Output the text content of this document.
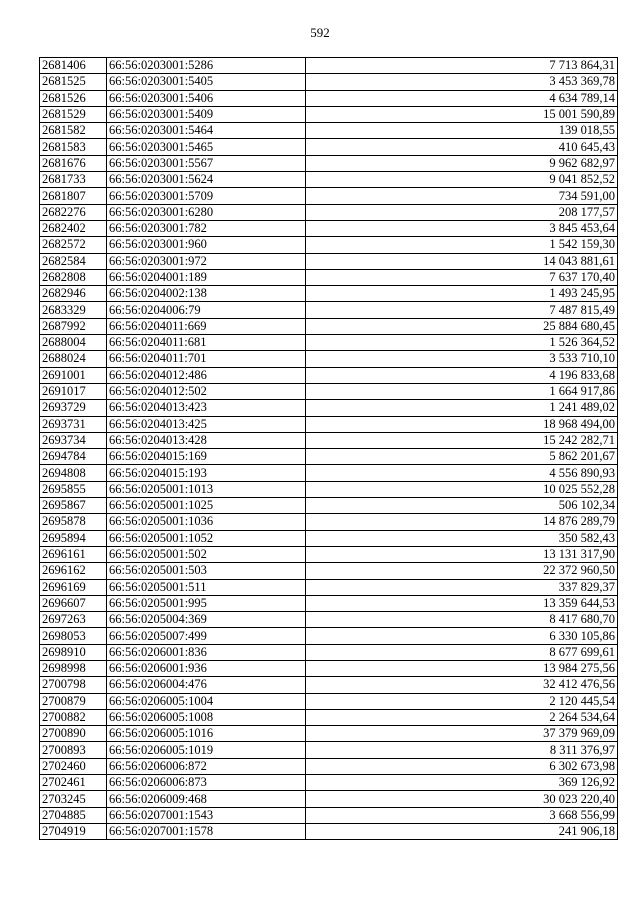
592
2681406	66:56:0203001:5286	7 713 864,31
2681525	66:56:0203001:5405	3 453 369,78
2681526	66:56:0203001:5406	4 634 789,14
2681529	66:56:0203001:5409	15 001 590,89
2681582	66:56:0203001:5464	139 018,55
2681583	66:56:0203001:5465	410 645,43
2681676	66:56:0203001:5567	9 962 682,97
2681733	66:56:0203001:5624	9 041 852,52
2681807	66:56:0203001:5709	734 591,00
2682276	66:56:0203001:6280	208 177,57
2682402	66:56:0203001:782	3 845 453,64
2682572	66:56:0203001:960	1 542 159,30
2682584	66:56:0203001:972	14 043 881,61
2682808	66:56:0204001:189	7 637 170,40
2682946	66:56:0204002:138	1 493 245,95
2683329	66:56:0204006:79	7 487 815,49
2687992	66:56:0204011:669	25 884 680,45
2688004	66:56:0204011:681	1 526 364,52
2688024	66:56:0204011:701	3 533 710,10
2691001	66:56:0204012:486	4 196 833,68
2691017	66:56:0204012:502	1 664 917,86
2693729	66:56:0204013:423	1 241 489,02
2693731	66:56:0204013:425	18 968 494,00
2693734	66:56:0204013:428	15 242 282,71
2694784	66:56:0204015:169	5 862 201,67
2694808	66:56:0204015:193	4 556 890,93
2695855	66:56:0205001:1013	10 025 552,28
2695867	66:56:0205001:1025	506 102,34
2695878	66:56:0205001:1036	14 876 289,79
2695894	66:56:0205001:1052	350 582,43
2696161	66:56:0205001:502	13 131 317,90
2696162	66:56:0205001:503	22 372 960,50
2696169	66:56:0205001:511	337 829,37
2696607	66:56:0205001:995	13 359 644,53
2697263	66:56:0205004:369	8 417 680,70
2698053	66:56:0205007:499	6 330 105,86
2698910	66:56:0206001:836	8 677 699,61
2698998	66:56:0206001:936	13 984 275,56
2700798	66:56:0206004:476	32 412 476,56
2700879	66:56:0206005:1004	2 120 445,54
2700882	66:56:0206005:1008	2 264 534,64
2700890	66:56:0206005:1016	37 379 969,09
2700893	66:56:0206005:1019	8 311 376,97
2702460	66:56:0206006:872	6 302 673,98
2702461	66:56:0206006:873	369 126,92
2703245	66:56:0206009:468	30 023 220,40
2704885	66:56:0207001:1543	3 668 556,99
2704919	66:56:0207001:1578	241 906,18
